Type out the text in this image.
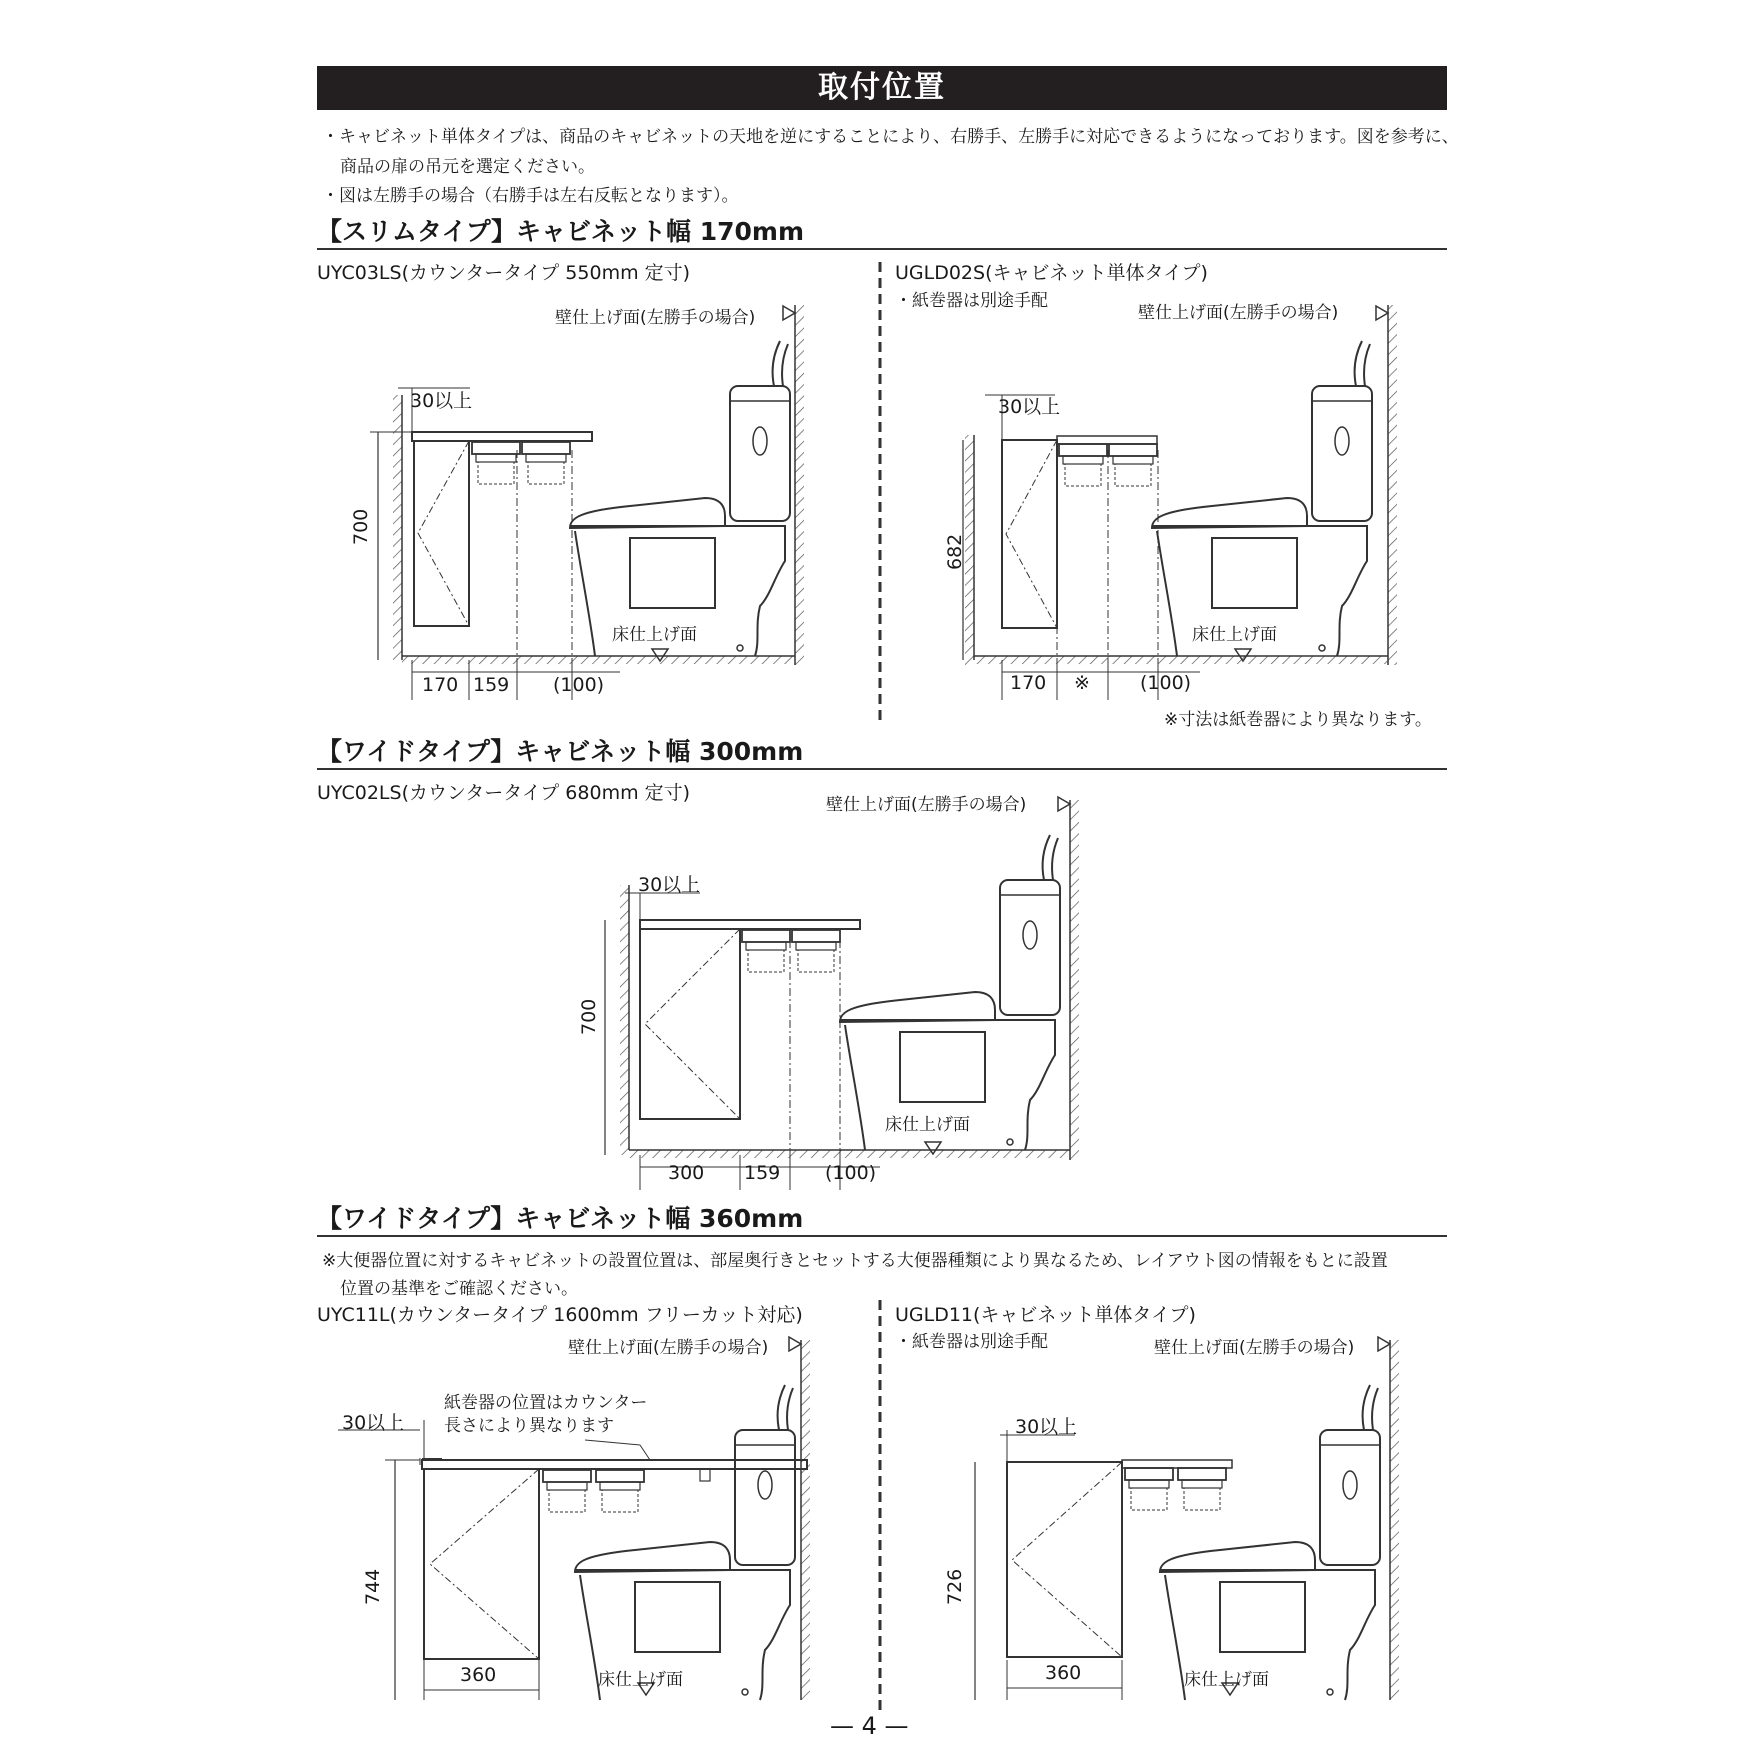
取付位置
・キャビネット単体タイプは、商品のキャビネットの天地を逆にすることにより、右勝手、左勝手に対応できるようになっております。図を参考に、
商品の扉の吊元を選定ください。
・図は左勝手の場合（右勝手は左右反転となります）。
【スリムタイプ】キャビネット幅 170mm
【ワイドタイプ】キャビネット幅 300mm
【ワイドタイプ】キャビネット幅 360mm
※大便器位置に対するキャビネットの設置位置は、部屋奥行きとセットする大便器種類により異なるため、レイアウト図の情報をもとに設置
位置の基準をご確認ください。
UYC03LS(カウンタータイプ 550mm 定寸)
壁仕上げ面(左勝手の場合)
30以上
700
床仕上げ面
170 159 (100)
UGLD02S(キャビネット単体タイプ)
・紙巻器は別途手配
壁仕上げ面(左勝手の場合)
30以上
682
床仕上げ面
170 ※	(100)
※寸法は紙巻器により異なります。
UYC02LS(カウンタータイプ 680mm 定寸)
壁仕上げ面(左勝手の場合)
30以上
700
床仕上げ面
300 159 (100)
UYC11L(カウンタータイプ 1600mm フリーカット対応)
壁仕上げ面(左勝手の場合)
紙巻器の位置はカウンター
長さにより異なります
30以上
744
床仕上げ面
360
UGLD11(キャビネット単体タイプ)
・紙巻器は別途手配	壁仕上げ面(左勝手の場合)
30以上
726
床仕上げ面
360
— 4 —
